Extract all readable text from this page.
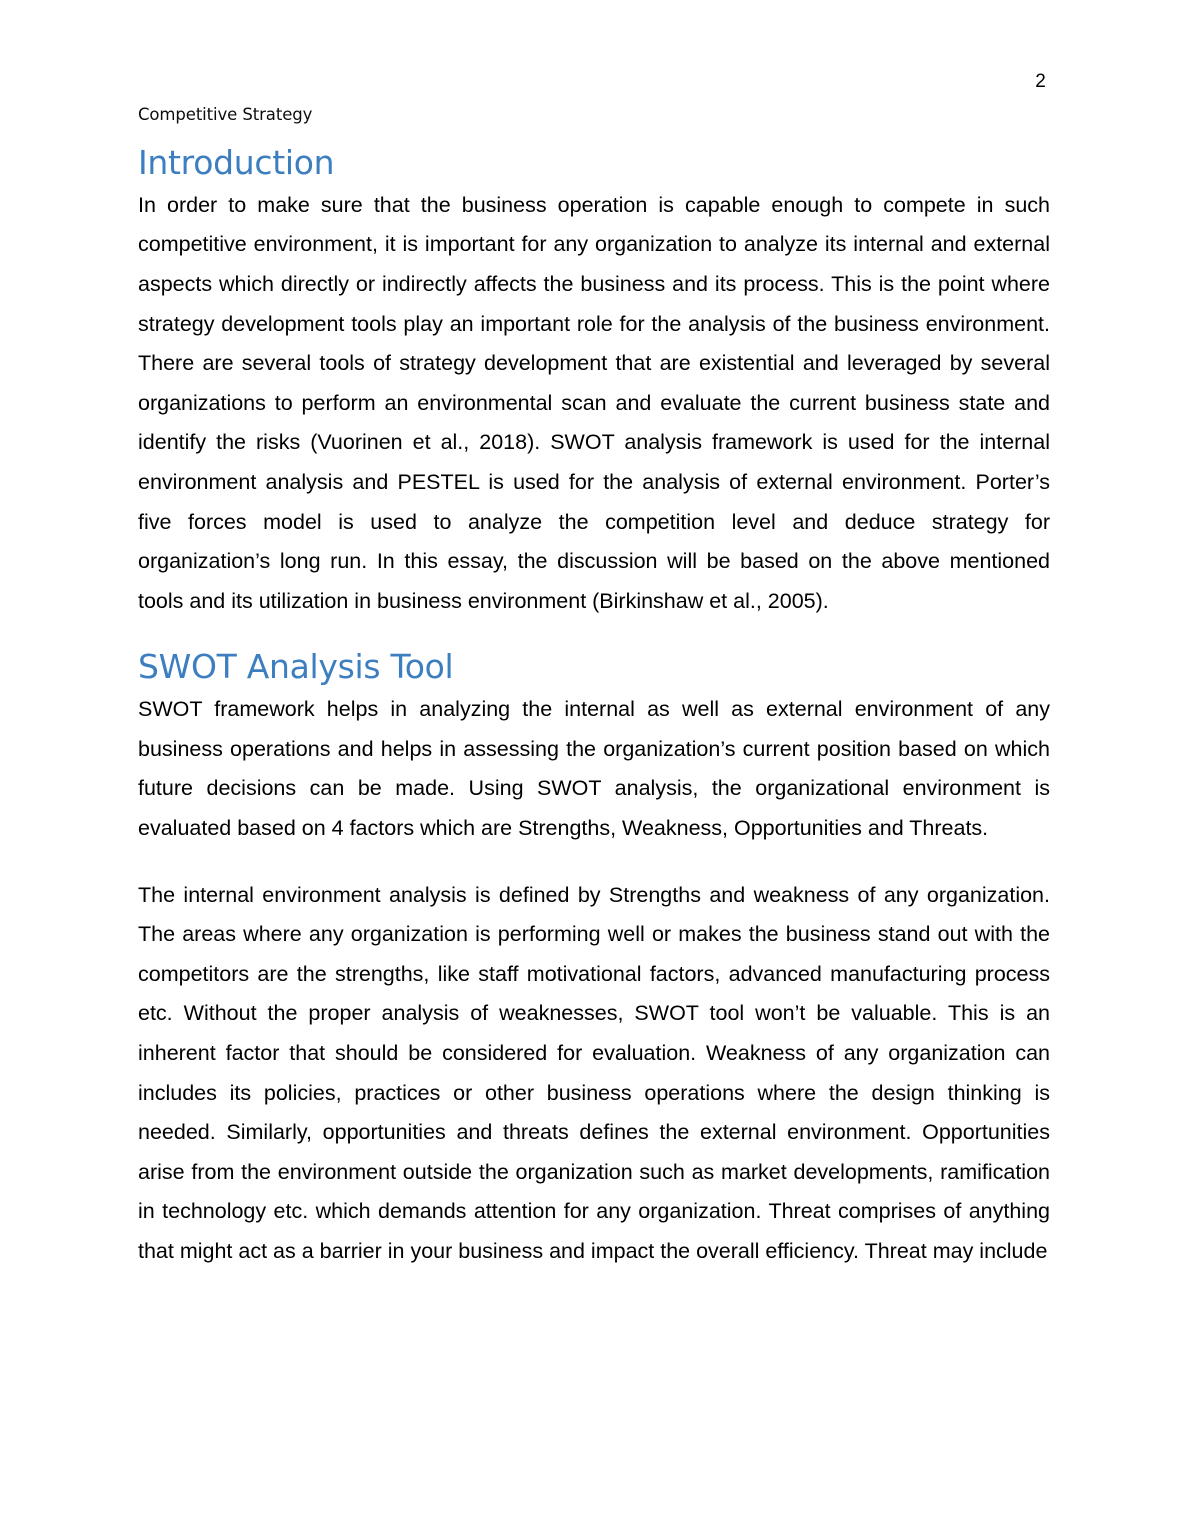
2
Competitive Strategy
Introduction

In order to make sure that the business operation is capable enough to compete in such competitive environment, it is important for any organization to analyze its internal and external aspects which directly or indirectly affects the business and its process. This is the point where strategy development tools play an important role for the analysis of the business environment. There are several tools of strategy development that are existential and leveraged by several organizations to perform an environmental scan and evaluate the current business state and identify the risks (Vuorinen et al., 2018). SWOT analysis framework is used for the internal environment analysis and PESTEL is used for the analysis of external environment. Porter’s five forces model is used to analyze the competition level and deduce strategy for organization’s long run. In this essay, the discussion will be based on the above mentioned tools and its utilization in business environment (Birkinshaw et al., 2005).

SWOT Analysis Tool

SWOT framework helps in analyzing the internal as well as external environment of any business operations and helps in assessing the organization’s current position based on which future decisions can be made. Using SWOT analysis, the organizational environment is evaluated based on 4 factors which are Strengths, Weakness, Opportunities and Threats.

The internal environment analysis is defined by Strengths and weakness of any organization. The areas where any organization is performing well or makes the business stand out with the competitors are the strengths, like staff motivational factors, advanced manufacturing process etc. Without the proper analysis of weaknesses, SWOT tool won’t be valuable. This is an inherent factor that should be considered for evaluation. Weakness of any organization can includes its policies, practices or other business operations where the design thinking is needed. Similarly, opportunities and threats defines the external environment. Opportunities arise from the environment outside the organization such as market developments, ramification in technology etc. which demands attention for any organization. Threat comprises of anything that might act as a barrier in your business and impact the overall efficiency. Threat may include
